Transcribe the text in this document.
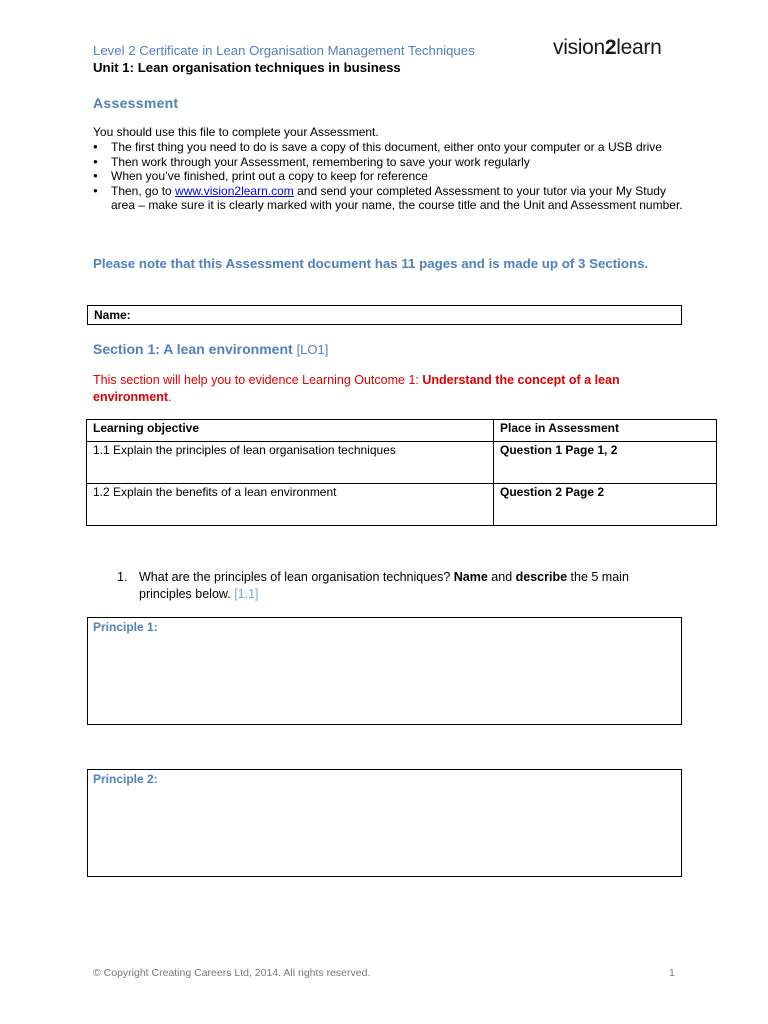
Level 2 Certificate in Lean Organisation Management Techniques
Unit 1: Lean organisation techniques in business
vision2learn
Assessment
You should use this file to complete your Assessment.
● The first thing you need to do is save a copy of this document, either onto your computer or a USB drive
● Then work through your Assessment, remembering to save your work regularly
● When you’ve finished, print out a copy to keep for reference
● Then, go to www.vision2learn.com and send your completed Assessment to your tutor via your My Study area – make sure it is clearly marked with your name, the course title and the Unit and Assessment number.
Please note that this Assessment document has 11 pages and is made up of 3 Sections.
Name:
Section 1: A lean environment [LO1]
This section will help you to evidence Learning Outcome 1: Understand the concept of a lean environment.
Learning objective	Place in Assessment
1.1 Explain the principles of lean organisation techniques	Question 1 Page 1, 2
1.2 Explain the benefits of a lean environment	Question 2 Page 2
1. What are the principles of lean organisation techniques? Name and describe the 5 main principles below. [1.1]
Principle 1:
Principle 2:
© Copyright Creating Careers Ltd, 2014. All rights reserved.	1
